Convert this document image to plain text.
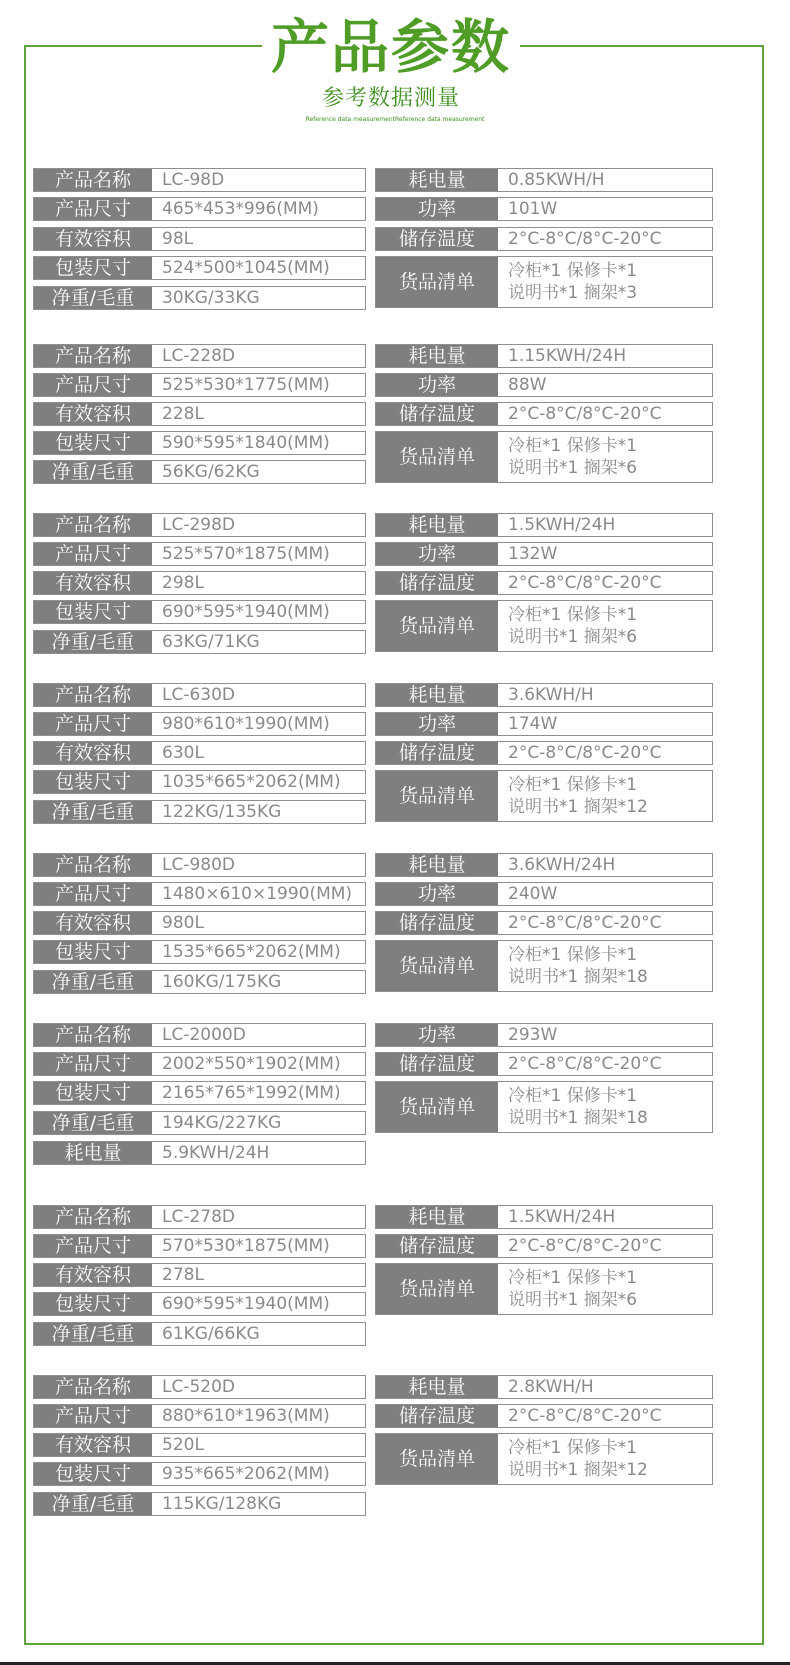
产品参数
参考数据测量
Reference data measurementReference data measurement
产品名称	LC-98D
产品尺寸	465*453*996(MM)
有效容积	98L
包装尺寸	524*500*1045(MM)
净重/毛重	30KG/33KG
耗电量	0.85KWH/H
功率	101W
储存温度	2°C-8°C/8°C-20°C
货品清单	冷柜*1 保修卡*1
说明书*1 搁架*3
产品名称	LC-228D
产品尺寸	525*530*1775(MM)
有效容积	228L
包装尺寸	590*595*1840(MM)
净重/毛重	56KG/62KG
耗电量	1.15KWH/24H
功率	88W
储存温度	2°C-8°C/8°C-20°C
货品清单	冷柜*1 保修卡*1
说明书*1 搁架*6
产品名称	LC-298D
产品尺寸	525*570*1875(MM)
有效容积	298L
包装尺寸	690*595*1940(MM)
净重/毛重	63KG/71KG
耗电量	1.5KWH/24H
功率	132W
储存温度	2°C-8°C/8°C-20°C
货品清单	冷柜*1 保修卡*1
说明书*1 搁架*6
产品名称	LC-630D
产品尺寸	980*610*1990(MM)
有效容积	630L
包装尺寸	1035*665*2062(MM)
净重/毛重	122KG/135KG
耗电量	3.6KWH/H
功率	174W
储存温度	2°C-8°C/8°C-20°C
货品清单	冷柜*1 保修卡*1
说明书*1 搁架*12
产品名称	LC-980D
产品尺寸	1480×610×1990(MM)
有效容积	980L
包装尺寸	1535*665*2062(MM)
净重/毛重	160KG/175KG
耗电量	3.6KWH/24H
功率	240W
储存温度	2°C-8°C/8°C-20°C
货品清单	冷柜*1 保修卡*1
说明书*1 搁架*18
产品名称	LC-2000D
产品尺寸	2002*550*1902(MM)
包装尺寸	2165*765*1992(MM)
净重/毛重	194KG/227KG
耗电量	5.9KWH/24H
功率	293W
储存温度	2°C-8°C/8°C-20°C
货品清单	冷柜*1 保修卡*1
说明书*1 搁架*18
产品名称	LC-278D
产品尺寸	570*530*1875(MM)
有效容积	278L
包装尺寸	690*595*1940(MM)
净重/毛重	61KG/66KG
耗电量	1.5KWH/24H
储存温度	2°C-8°C/8°C-20°C
货品清单	冷柜*1 保修卡*1
说明书*1 搁架*6
产品名称	LC-520D
产品尺寸	880*610*1963(MM)
有效容积	520L
包装尺寸	935*665*2062(MM)
净重/毛重	115KG/128KG
耗电量	2.8KWH/H
储存温度	2°C-8°C/8°C-20°C
货品清单	冷柜*1 保修卡*1
说明书*1 搁架*12
